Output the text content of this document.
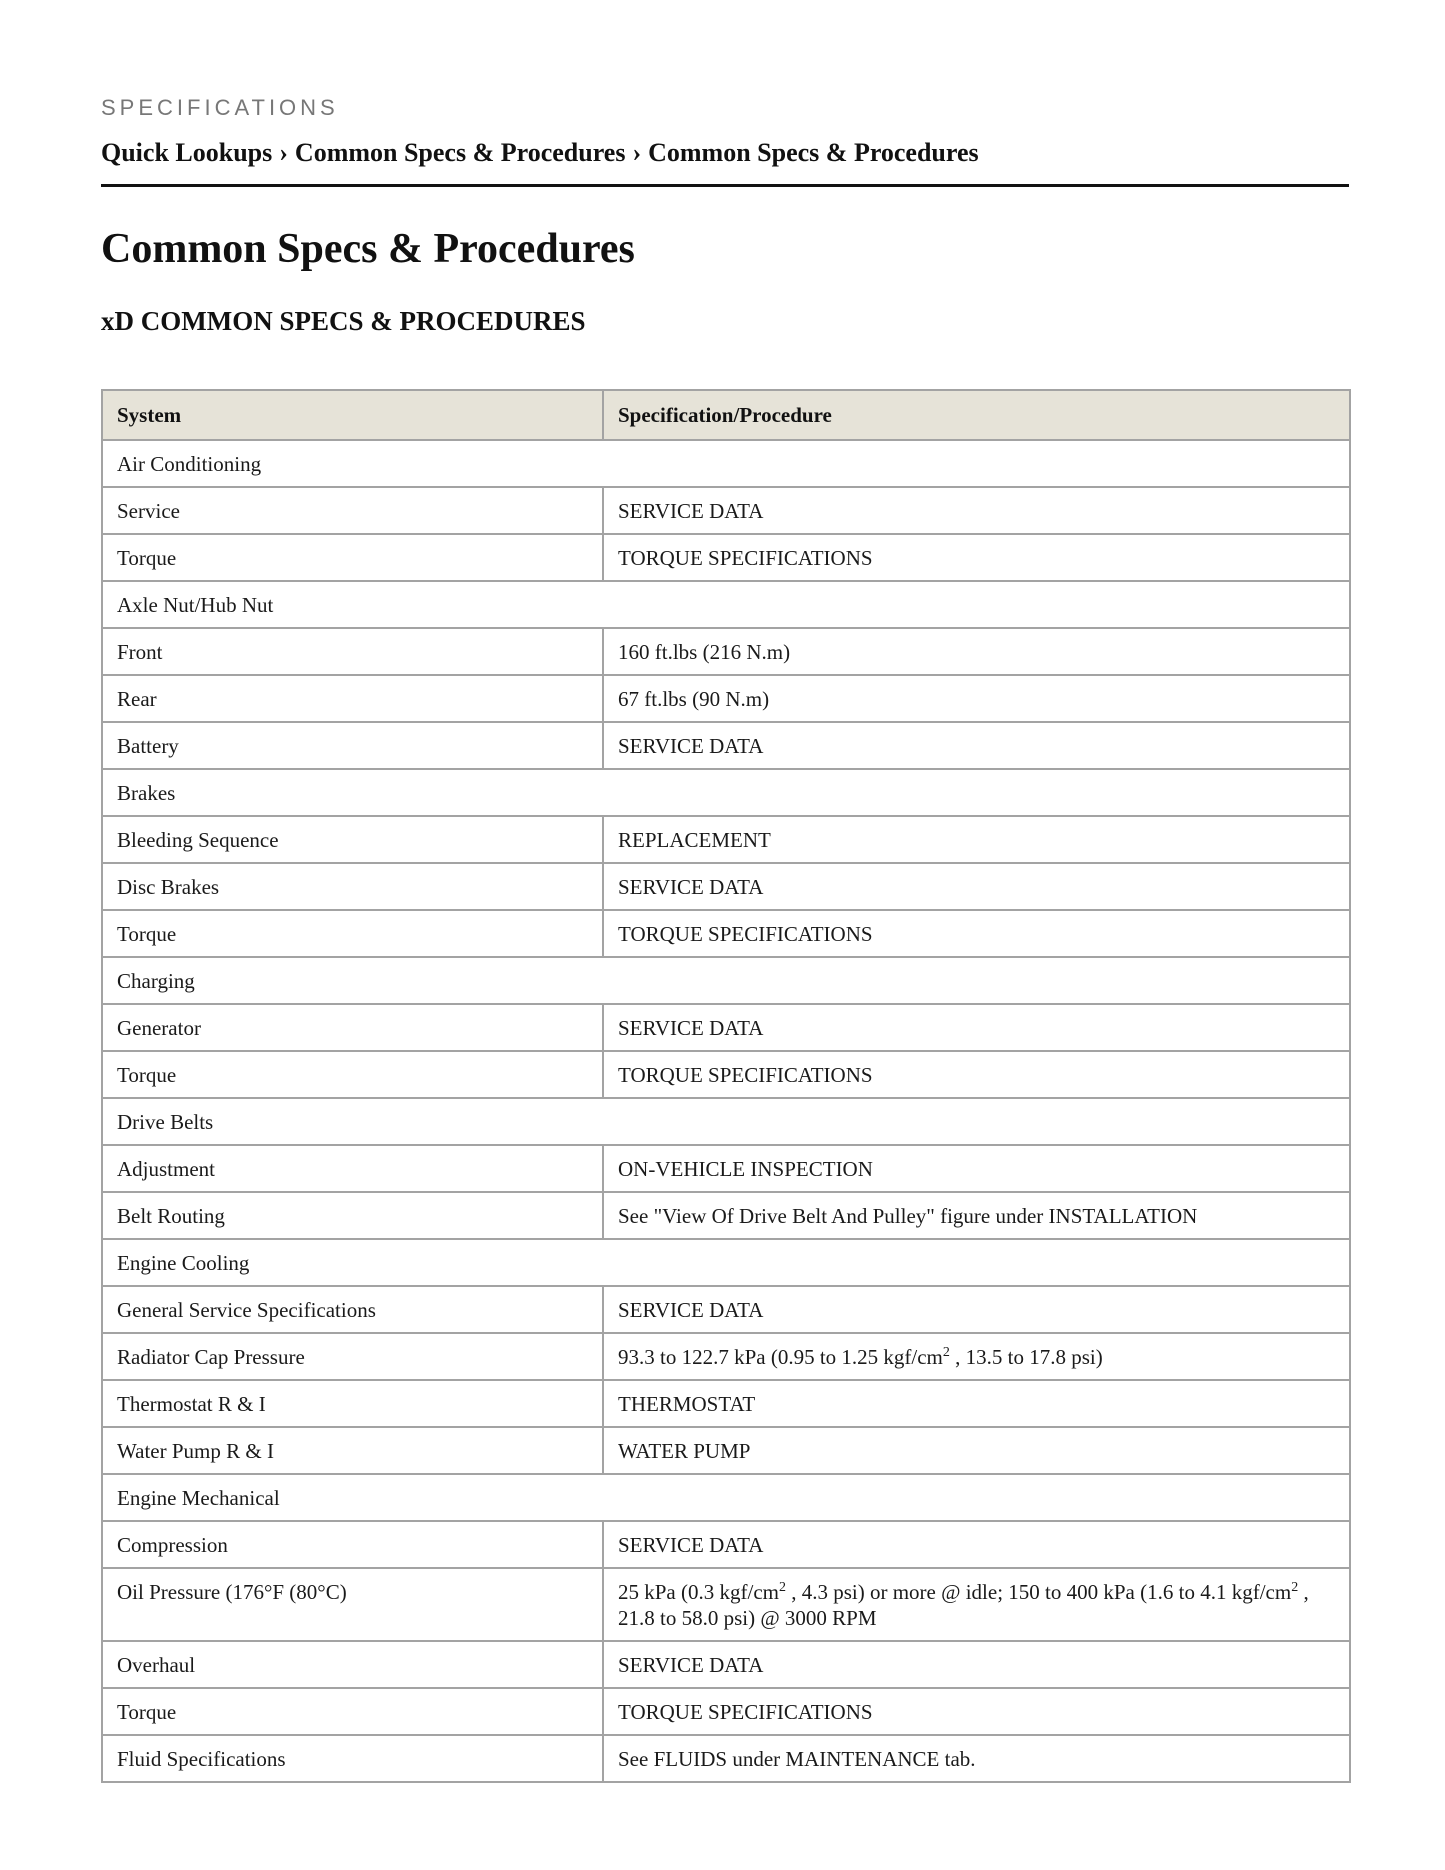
SPECIFICATIONS

Quick Lookups › Common Specs & Procedures › Common Specs & Procedures
Common Specs & Procedures
xD COMMON SPECS & PROCEDURES
System	Specification/Procedure
Air Conditioning	
Service	SERVICE DATA
Torque	TORQUE SPECIFICATIONS
Axle Nut/Hub Nut	
Front	160 ft.lbs (216 N.m)
Rear	67 ft.lbs (90 N.m)
Battery	SERVICE DATA
Brakes	
Bleeding Sequence	REPLACEMENT
Disc Brakes	SERVICE DATA
Torque	TORQUE SPECIFICATIONS
Charging	
Generator	SERVICE DATA
Torque	TORQUE SPECIFICATIONS
Drive Belts	
Adjustment	ON-VEHICLE INSPECTION
Belt Routing	See "View Of Drive Belt And Pulley" figure under INSTALLATION
Engine Cooling	
General Service Specifications	SERVICE DATA
Radiator Cap Pressure	93.3 to 122.7 kPa (0.95 to 1.25 kgf/$cm^2$ , 13.5 to 17.8 psi)
Thermostat R & I	THERMOSTAT
Water Pump R & I	WATER PUMP
Engine Mechanical	
Compression	SERVICE DATA
Oil Pressure (176°F (80°C)	25 kPa (0.3 kgf/$cm^2$ , 4.3 psi) or more @ idle; 150 to 400 kPa (1.6 to 4.1 kgf/$cm^2$ , 21.8 to 58.0 psi) @ 3000 RPM
Overhaul	SERVICE DATA
Torque	TORQUE SPECIFICATIONS
Fluid Specifications	See FLUIDS under MAINTENANCE tab.
